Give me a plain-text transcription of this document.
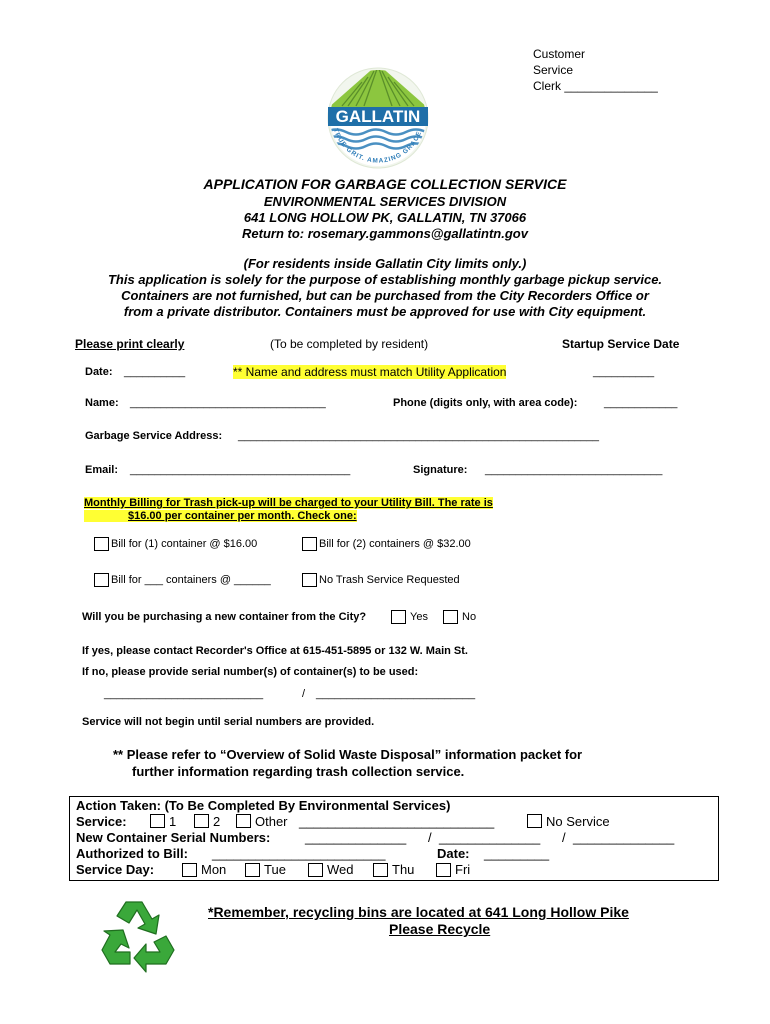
Customer
Service
Clerk ______________
GALLATIN
TRUE GRIT. AMAZING GRACE.
APPLICATION FOR GARBAGE COLLECTION SERVICE
ENVIRONMENTAL SERVICES DIVISION
641 LONG HOLLOW PK, GALLATIN, TN 37066
Return to: rosemary.gammons@gallatintn.gov
(For residents inside Gallatin City limits only.)
This application is solely for the purpose of establishing monthly garbage pickup service.
Containers are not furnished, but can be purchased from the City Recorders Office or
from a private distributor. Containers must be approved for use with City equipment.
Please print clearly	(To be completed by resident)	Startup Service Date
Date: __________	** Name and address must match Utility Application	__________
Name: ________________________________	Phone (digits only, with area code): ____________
Garbage Service Address: ___________________________________________________________
Email: ____________________________________	Signature: _____________________________
Monthly Billing for Trash pick-up will be charged to your Utility Bill. The rate is
$16.00 per container per month. Check one:
Bill for (1) container @ $16.00	Bill for (2) containers @ $32.00
Bill for ___ containers @ ______	No Trash Service Requested
Will you be purchasing a new container from the City?	Yes	No
If yes, please contact Recorder's Office at 615-451-5895 or 132 W. Main St.
If no, please provide serial number(s) of container(s) to be used:
__________________________	/ __________________________
Service will not begin until serial numbers are provided.
** Please refer to “Overview of Solid Waste Disposal” information packet for
further information regarding trash collection service.
Action Taken: (To Be Completed By Environmental Services)
Service:	1	2	Other ___________________________	No Service
New Container Serial Numbers:	______________ / ______________ / ______________
Authorized to Bill: ________________________	Date: _________
Service Day:	Mon	Tue	Wed	Thu	Fri
*Remember, recycling bins are located at 641 Long Hollow Pike
Please Recycle
